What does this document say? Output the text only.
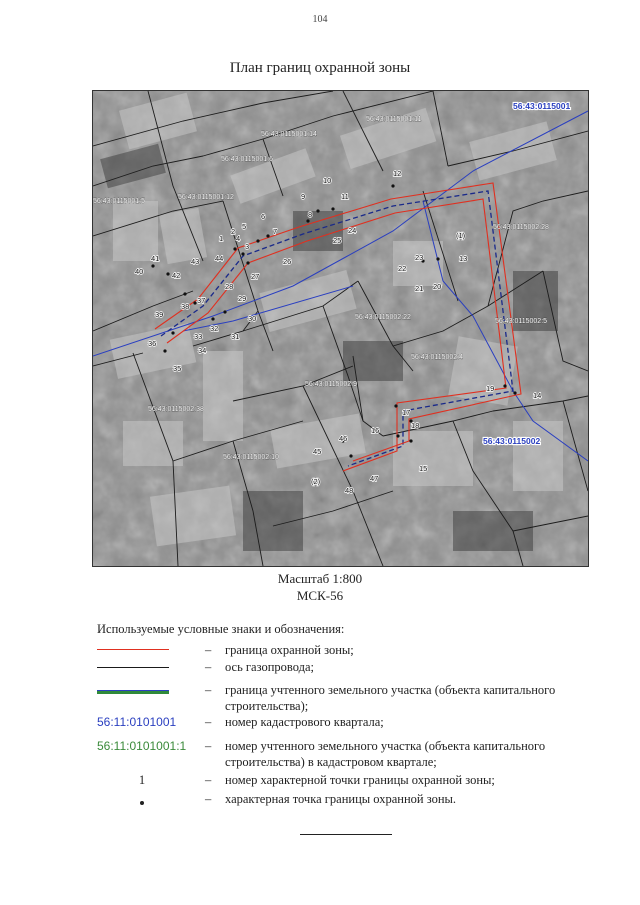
104
План границ охранной зоны
56:43:0115001
56:43:0115002
56:43:0115001:14
56:43:0115001:11
56:43:0115001:6
56:43:0115001:5
56:43:0115001:12
56:43:0115002:28
56:43:0115002:22
56:43:0115002:5
56:43:0115002:4
56:43:0115002:38
56:43:0115002:9
56:43:0115002:10
1
2
3
4
5
6
7
8
9
10
11
12
13
14
15
16
17
18
19
20
21
22
23
24
25
26
27
28
29
30
31
32
33
34
35
36
37
38
39
40
41
42
43 44
45
46
47
48
(1)
(2)
Масштаб 1:800
МСК-56
Используемые условные знаки и обозначения:
– граница охранной зоны;
– ось газопровода;
– граница учтенного земельного участка (объекта капитального строительства);
56:11:0101001 – номер кадастрового квартала;
56:11:0101001:1	– номер учтенного земельного участка (объекта капитального строительства) в кадастровом квартале;
1	– номер характерной точки границы охранной зоны;
– характерная точка границы охранной зоны.
